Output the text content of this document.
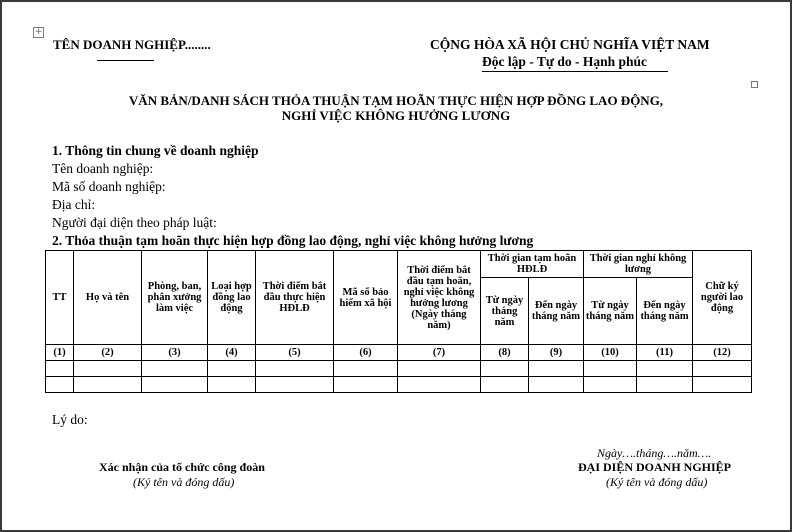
+
TÊN DOANH NGHIỆP........	CỘNG HÒA XÃ HỘI CHỦ NGHĨA VIỆT NAM
Độc lập - Tự do - Hạnh phúc
VĂN BẢN/DANH SÁCH THỎA THUẬN TẠM HOÃN THỰC HIỆN HỢP ĐỒNG LAO ĐỘNG,
NGHỈ VIỆC KHÔNG HƯỞNG LƯƠNG
1. Thông tin chung về doanh nghiệp
Tên doanh nghiệp:
Mã số doanh nghiệp:
Địa chỉ:
Người đại diện theo pháp luật:
2. Thỏa thuận tạm hoãn thực hiện hợp đồng lao động, nghỉ việc không hưởng lương
TT	Họ và tên	Phòng, ban, phân xưởng làm việc	Loại hợp đồng lao động	Thời điểm bắt đầu thực hiện HĐLĐ	Mã số bảo hiểm xã hội	Thời điểm bắt đầu tạm hoãn, nghỉ việc không hưởng lương (Ngày tháng năm)	Thời gian tạm hoãn HĐLĐ		Thời gian nghỉ không lương		Chữ ký người lao động
							Từ ngày tháng năm	Đến ngày tháng năm	Từ ngày tháng năm	Đến ngày tháng năm	
(1)	(2)	(3)	(4)	(5)	(6)	(7)	(8)	(9)	(10)	(11)	(12)

Lý do:
Ngày….tháng….năm….
Xác nhận của tổ chức công đoàn	ĐẠI DIỆN DOANH NGHIỆP
(Ký tên và đóng dấu)	(Ký tên và đóng dấu)
